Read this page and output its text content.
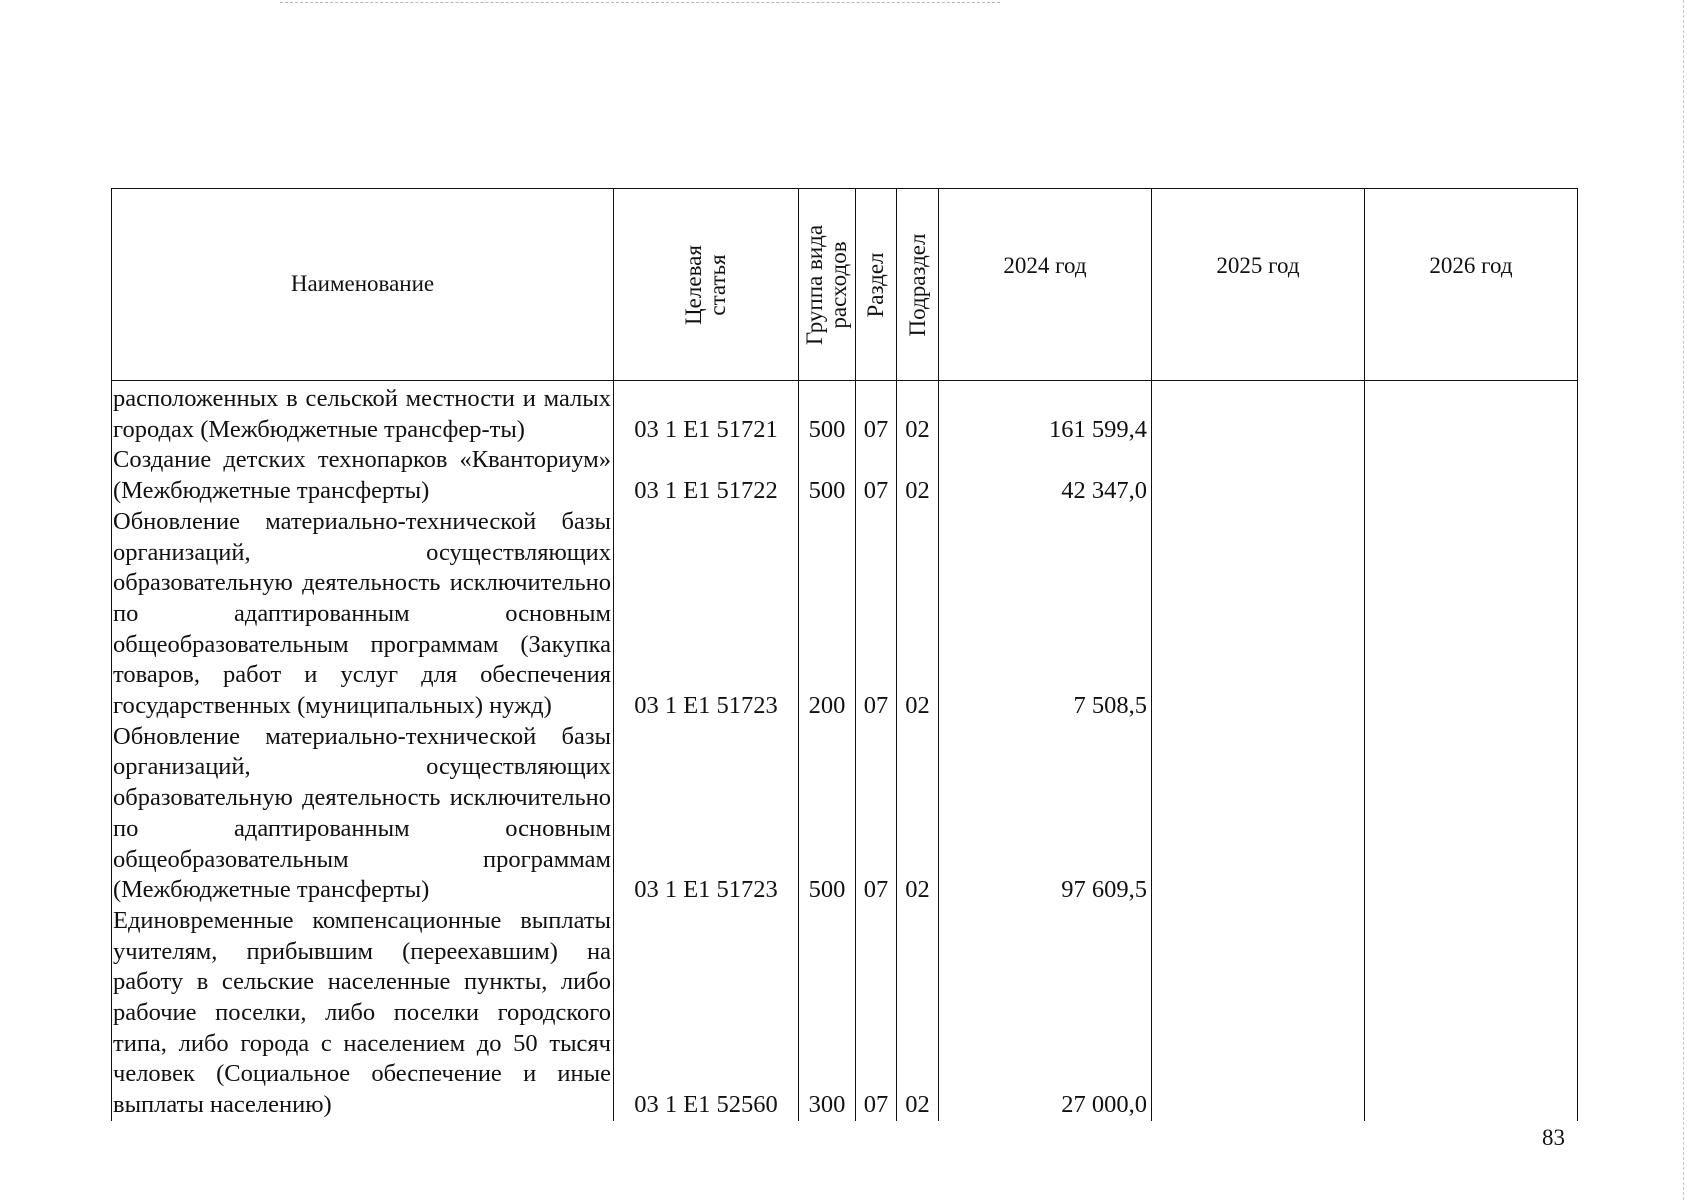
Наименование	Целевая статья	Группа вида расходов	Раздел	Подраздел	2024 год	2025 год	2026 год
расположенных в сельской местности и малых городах (Межбюджетные трансфер-ты)	03 1 E1 51721	500	07	02	161 599,4		
Создание детских технопарков «Кванториум» (Межбюджетные трансферты)	03 1 E1 51722	500	07	02	42 347,0		
Обновление материально-технической базы организаций, осуществляющих образовательную деятельность исключительно по адаптированным основным общеобразовательным программам (Закупка товаров, работ и услуг для обеспечения государственных (муниципальных) нужд)	03 1 E1 51723	200	07	02	7 508,5		
Обновление материально-технической базы организаций, осуществляющих образовательную деятельность исключительно по адаптированным основным общеобразовательным программам (Межбюджетные трансферты)	03 1 E1 51723	500	07	02	97 609,5		
Единовременные компенсационные выплаты учителям, прибывшим (переехавшим) на работу в сельские населенные пункты, либо рабочие поселки, либо поселки городского типа, либо города с населением до 50 тысяч человек (Социальное обеспечение и иные выплаты населению)	03 1 E1 52560	300	07	02	27 000,0		
83
